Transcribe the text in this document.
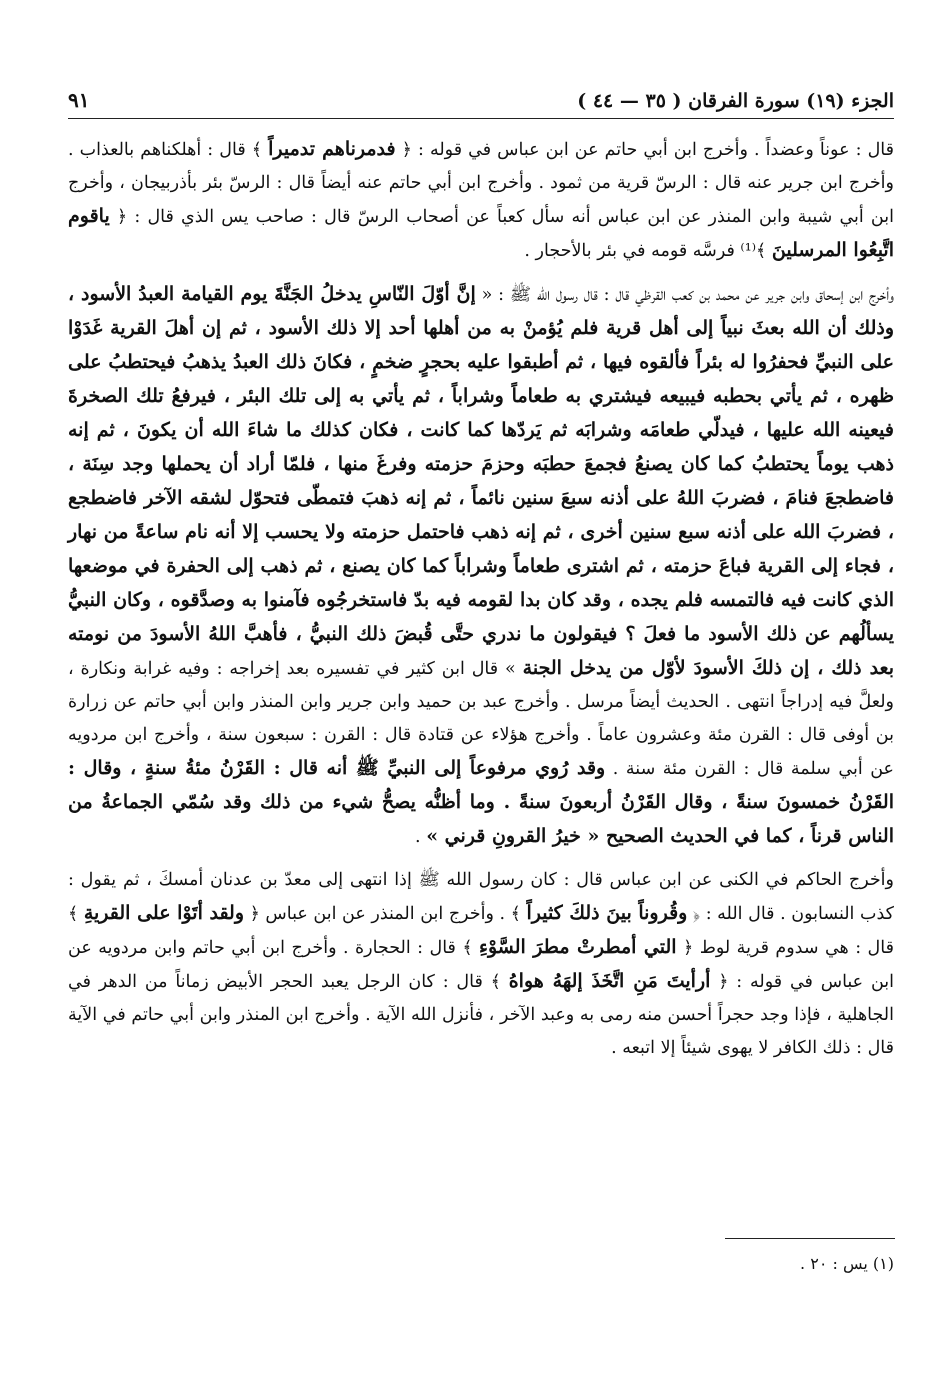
الجزء (١٩) سورة الفرقان ( ٣٥ — ٤٤ )
٩١

قال : عوناً وعضداً . وأخرج ابن أبي حاتم عن ابن عباس في قوله : ﴿ فدمرناهم تدميراً ﴾ قال : أهلكناهم بالعذاب . وأخرج ابن جرير عنه قال : الرسّ قرية من ثمود . وأخرج ابن أبي حاتم عنه أيضاً قال : الرسّ بئر بأذربيجان ، وأخرج ابن أبي شيبة وابن المنذر عن ابن عباس أنه سأل كعباً عن أصحاب الرسّ قال : صاحب يس الذي قال : ﴿ ياقوم اتَّبِعُوا المرسلينَ ﴾⁽¹⁾ فرسَّه قومه في بئر بالأحجار .

وأخرج ابن إسحاق وابن جرير عن محمد بن كعب القرظي قال : قال رسول الله ﷺ : « إنَّ أوّلَ النّاسِ يدخلُ الجَنَّةَ يوم القيامة العبدُ الأسود ، وذلك أن الله بعثَ نبياً إلى أهل قرية فلم يُؤمنْ به من أهلها أحد إلا ذلك الأسود ، ثم إن أهلَ القرية غَدَوْا على النبيِّ فحفرُوا له بئراً فألقوه فيها ، ثم أطبقوا عليه بحجرٍ ضخمٍ ، فكانَ ذلك العبدُ يذهبُ فيحتطبُ على ظهره ، ثم يأتي بحطبه فيبيعه فيشتري به طعاماً وشراباً ، ثم يأتي به إلى تلك البئر ، فيرفعُ تلك الصخرةَ فيعينه الله عليها ، فيدلّي طعامَه وشرابَه ثم يَردّها كما كانت ، فكان كذلك ما شاءَ الله أن يكونَ ، ثم إنه ذهب يوماً يحتطبُ كما كان يصنعُ فجمعَ حطبَه وحزمَ حزمته وفرغَ منها ، فلمّا أراد أن يحملها وجد سِنَة ، فاضطجعَ فنامَ ، فضربَ اللهُ على أذنه سبعَ سنين نائماً ، ثم إنه ذهبَ فتمطّى فتحوّل لشقه الآخر فاضطجع ، فضربَ الله على أذنه سبع سنين أخرى ، ثم إنه ذهب فاحتمل حزمته ولا يحسب إلا أنه نام ساعةً من نهار ، فجاء إلى القرية فباعَ حزمته ، ثم اشترى طعاماً وشراباً كما كان يصنع ، ثم ذهب إلى الحفرة في موضعها الذي كانت فيه فالتمسه فلم يجده ، وقد كان بدا لقومه فيه بدّ فاستخرجُوه فآمنوا به وصدَّقوه ، وكان النبيُّ يسألُهم عن ذلك الأسود ما فعلَ ؟ فيقولون ما ندري حتَّى قُبضَ ذلك النبيُّ ، فأهبَّ اللهُ الأسودَ من نومته بعد ذلك ، إن ذلكَ الأسودَ لأوّل من يدخل الجنة » قال ابن كثير في تفسيره بعد إخراجه : وفيه غرابة ونكارة ، ولعلَّ فيه إدراجاً انتهى . الحديث أيضاً مرسل . وأخرج عبد بن حميد وابن جرير وابن المنذر وابن أبي حاتم عن زرارة بن أوفى قال : القرن مئة وعشرون عاماً . وأخرج هؤلاء عن قتادة قال : القرن : سبعون سنة ، وأخرج ابن مردويه عن أبي سلمة قال : القرن مئة سنة . وقد رُوي مرفوعاً إلى النبيِّ ﷺ أنه قال : القَرْنُ مئةُ سنةٍ ، وقال : القَرْنُ خمسونَ سنةً ، وقال القَرْنُ أربعونَ سنةً . وما أظنُّه يصحُّ شيء من ذلك وقد سُمّي الجماعةُ من الناس قرناً ، كما في الحديث الصحيح « خيرُ القرونِ قرني » .

وأخرج الحاكم في الكنى عن ابن عباس قال : كان رسول الله ﷺ إذا انتهى إلى معدّ بن عدنان أمسكَ ، ثم يقول : كذب النسابون . قال الله : ﴿ وقُروناً بينَ ذلكَ كثيراً ﴾ . وأخرج ابن المنذر عن ابن عباس ﴿ ولقد أتَوْا على القريةِ ﴾ قال : هي سدوم قرية لوط ﴿ التي أمطرتْ مطرَ السَّوْءِ ﴾ قال : الحجارة . وأخرج ابن أبي حاتم وابن مردويه عن ابن عباس في قوله : ﴿ أرأيتَ مَنِ اتَّخَذَ إلهَهُ هواهُ ﴾ قال : كان الرجل يعبد الحجر الأبيض زماناً من الدهر في الجاهلية ، فإذا وجد حجراً أحسن منه رمى به وعبد الآخر ، فأنزل الله الآية . وأخرج ابن المنذر وابن أبي حاتم في الآية قال : ذلك الكافر لا يهوى شيئاً إلا اتبعه .

(١) يس : ٢٠ .
